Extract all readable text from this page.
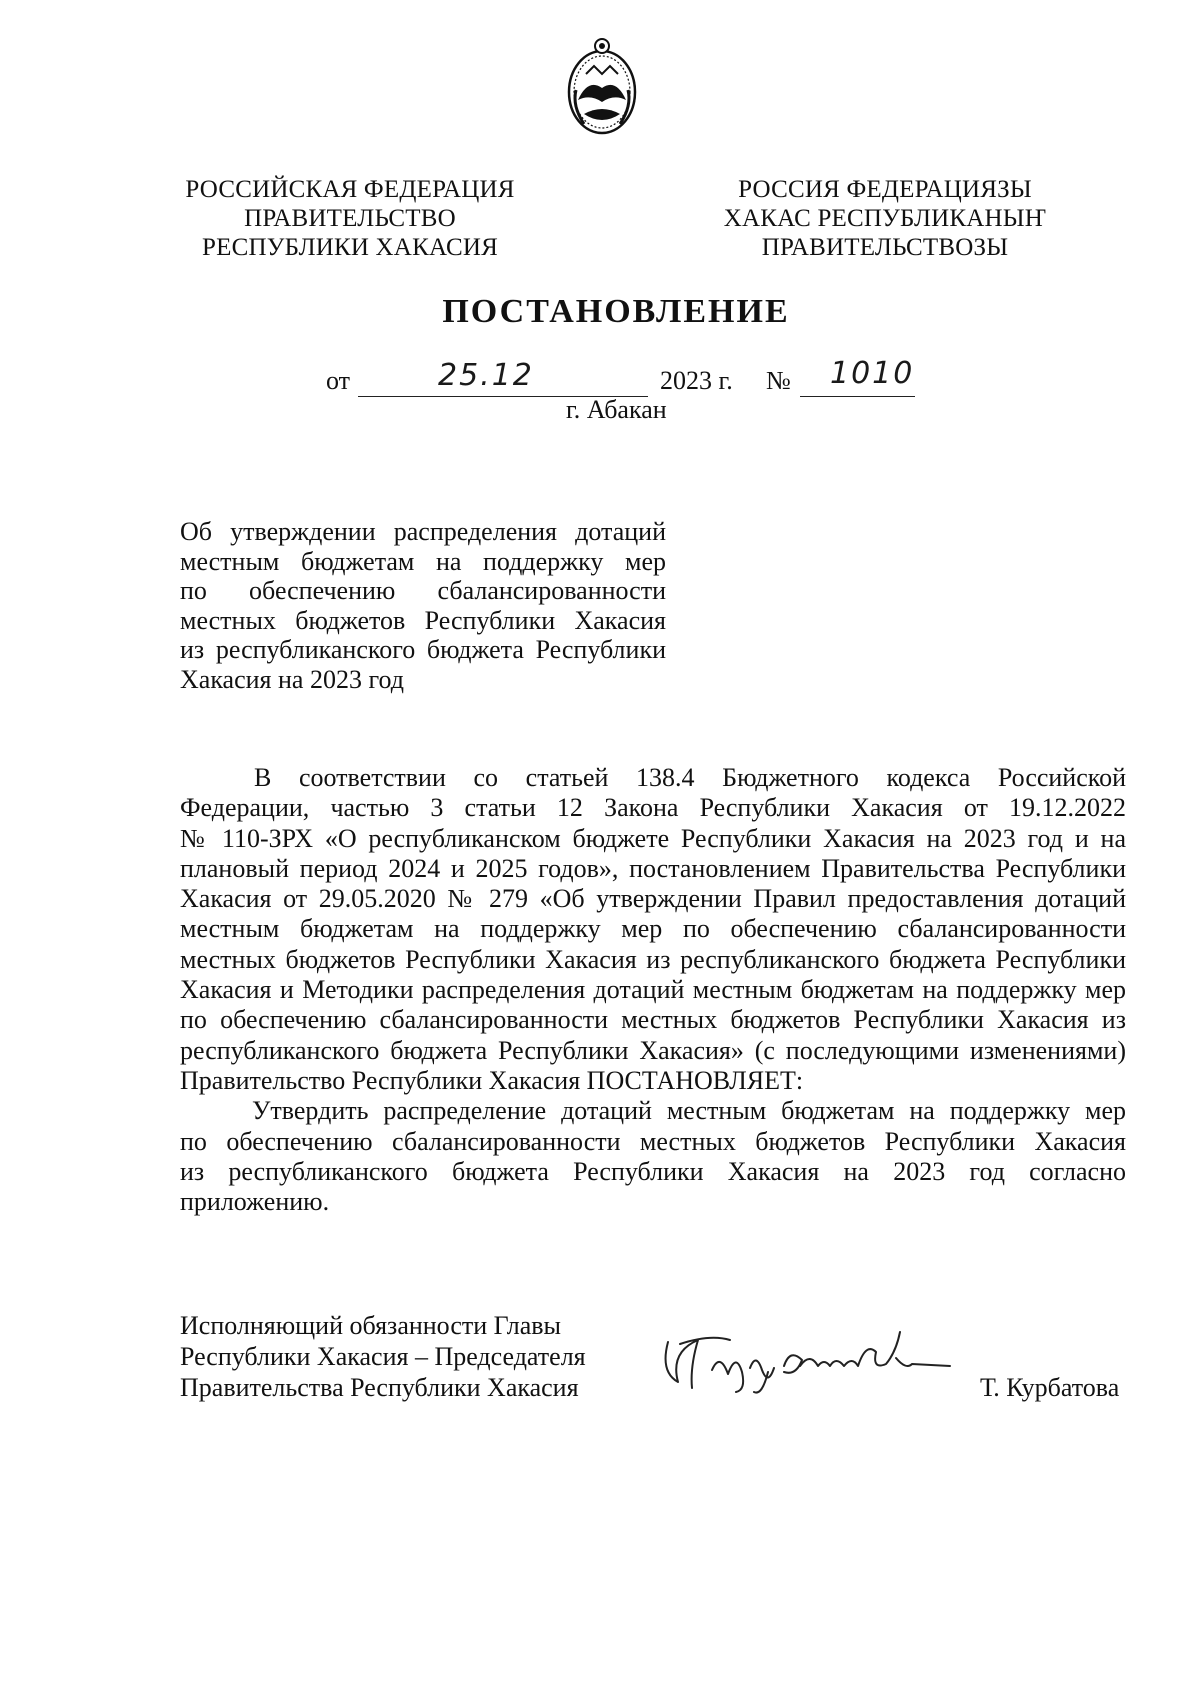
РОССИЙСКАЯ ФЕДЕРАЦИЯ
ПРАВИТЕЛЬСТВО
РЕСПУБЛИКИ ХАКАСИЯ
РОССИЯ ФЕДЕРАЦИЯЗЫ
ХАКАС РЕСПУБЛИКАНЫҤ
ПРАВИТЕЛЬСТВОЗЫ
ПОСТАНОВЛЕНИЕ
от	25.12	2023 г. № 1010
г. Абакан
Об утверждении распределения дотаций
местным бюджетам на поддержку мер
по обеспечению сбалансированности
местных бюджетов Республики Хакасия
из республиканского бюджета Республики
Хакасия на 2023 год
В соответствии со статьей 138.4 Бюджетного кодекса Российской
Федерации, частью 3 статьи 12 Закона Республики Хакасия от 19.12.2022
№ 110-ЗРХ «О республиканском бюджете Республики Хакасия на 2023 год и на
плановый период 2024 и 2025 годов», постановлением Правительства Республики
Хакасия от 29.05.2020 № 279 «Об утверждении Правил предоставления дотаций
местным бюджетам на поддержку мер по обеспечению сбалансированности
местных бюджетов Республики Хакасия из республиканского бюджета Республики
Хакасия и Методики распределения дотаций местным бюджетам на поддержку мер
по обеспечению сбалансированности местных бюджетов Республики Хакасия из
республиканского бюджета Республики Хакасия» (с последующими изменениями)
Правительство Республики Хакасия ПОСТАНОВЛЯЕТ:
Утвердить распределение дотаций местным бюджетам на поддержку мер
по обеспечению сбалансированности местных бюджетов Республики Хакасия
из республиканского бюджета Республики Хакасия на 2023 год согласно
приложению.
Исполняющий обязанности Главы
Республики Хакасия – Председателя
Правительства Республики Хакасия	Т. Курбатова
